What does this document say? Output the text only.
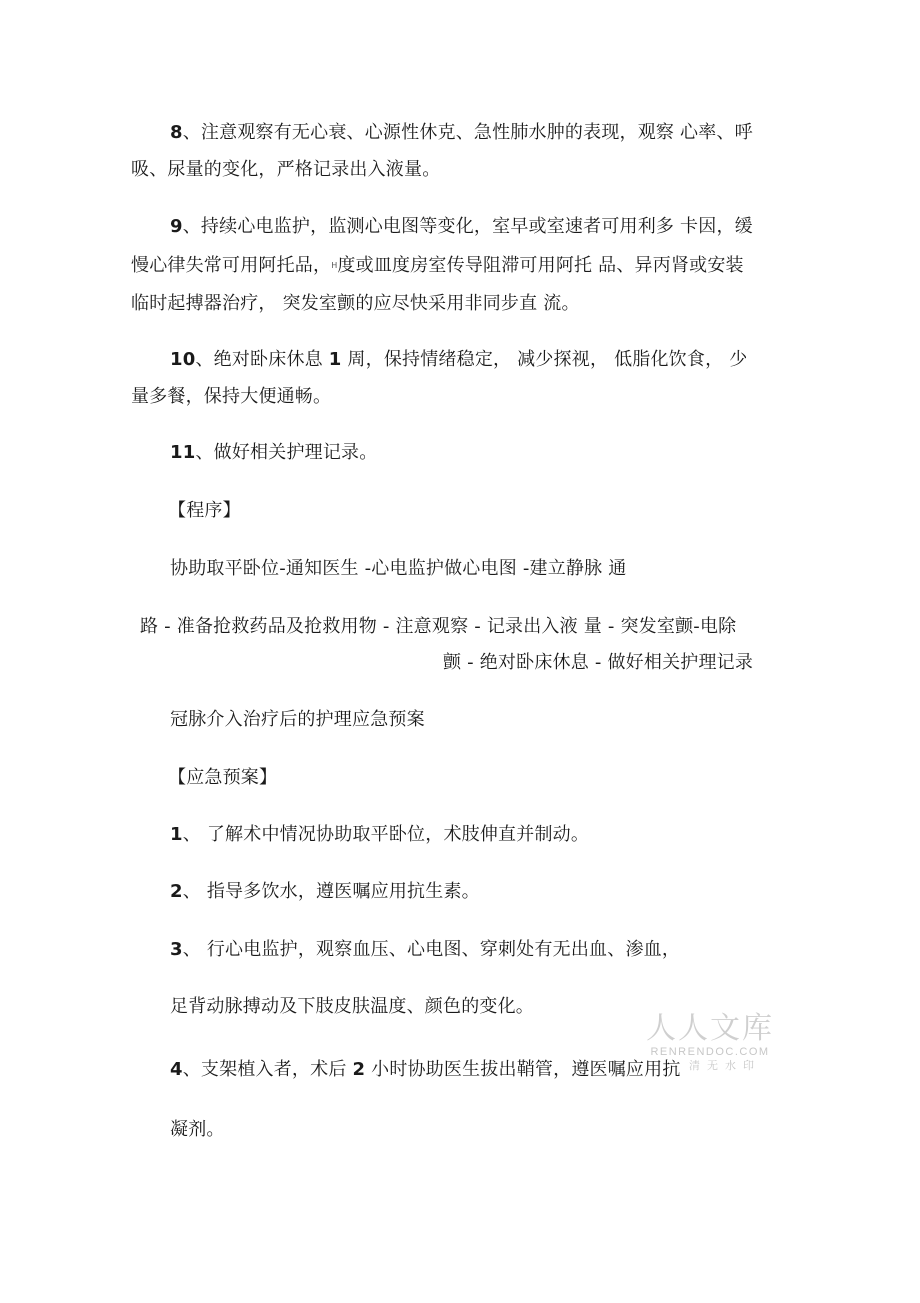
8、注意观察有无心衰、心源性休克、急性肺水肿的表现，观察 心率、呼
吸、尿量的变化，严格记录出入液量。
9、持续心电监护，监测心电图等变化，室早或室速者可用利多 卡因，缓
慢心律失常可用阿托品，H度或皿度房室传导阻滞可用阿托 品、异丙肾或安装
临时起搏器治疗， 突发室颤的应尽快采用非同步直 流。
10、绝对卧床休息 1 周，保持情绪稳定， 减少探视， 低脂化饮食， 少
量多餐，保持大便通畅。
11、做好相关护理记录。
【程序】
协助取平卧位-通知医生 -心电监护做心电图 -建立静脉 通
路 - 准备抢救药品及抢救用物 - 注意观察 - 记录出入液 量 - 突发室颤-电除
颤 - 绝对卧床休息 - 做好相关护理记录
冠脉介入治疗后的护理应急预案
【应急预案】
1、 了解术中情况协助取平卧位，术肢伸直并制动。
2、 指导多饮水，遵医嘱应用抗生素。
3、 行心电监护，观察血压、心电图、穿刺处有无出血、渗血，
足背动脉搏动及下肢皮肤温度、颜色的变化。
4、支架植入者，术后 2 小时协助医生拔出鞘管，遵医嘱应用抗
凝剂。
人人文库
RENRENDOC.COM
清无水印
